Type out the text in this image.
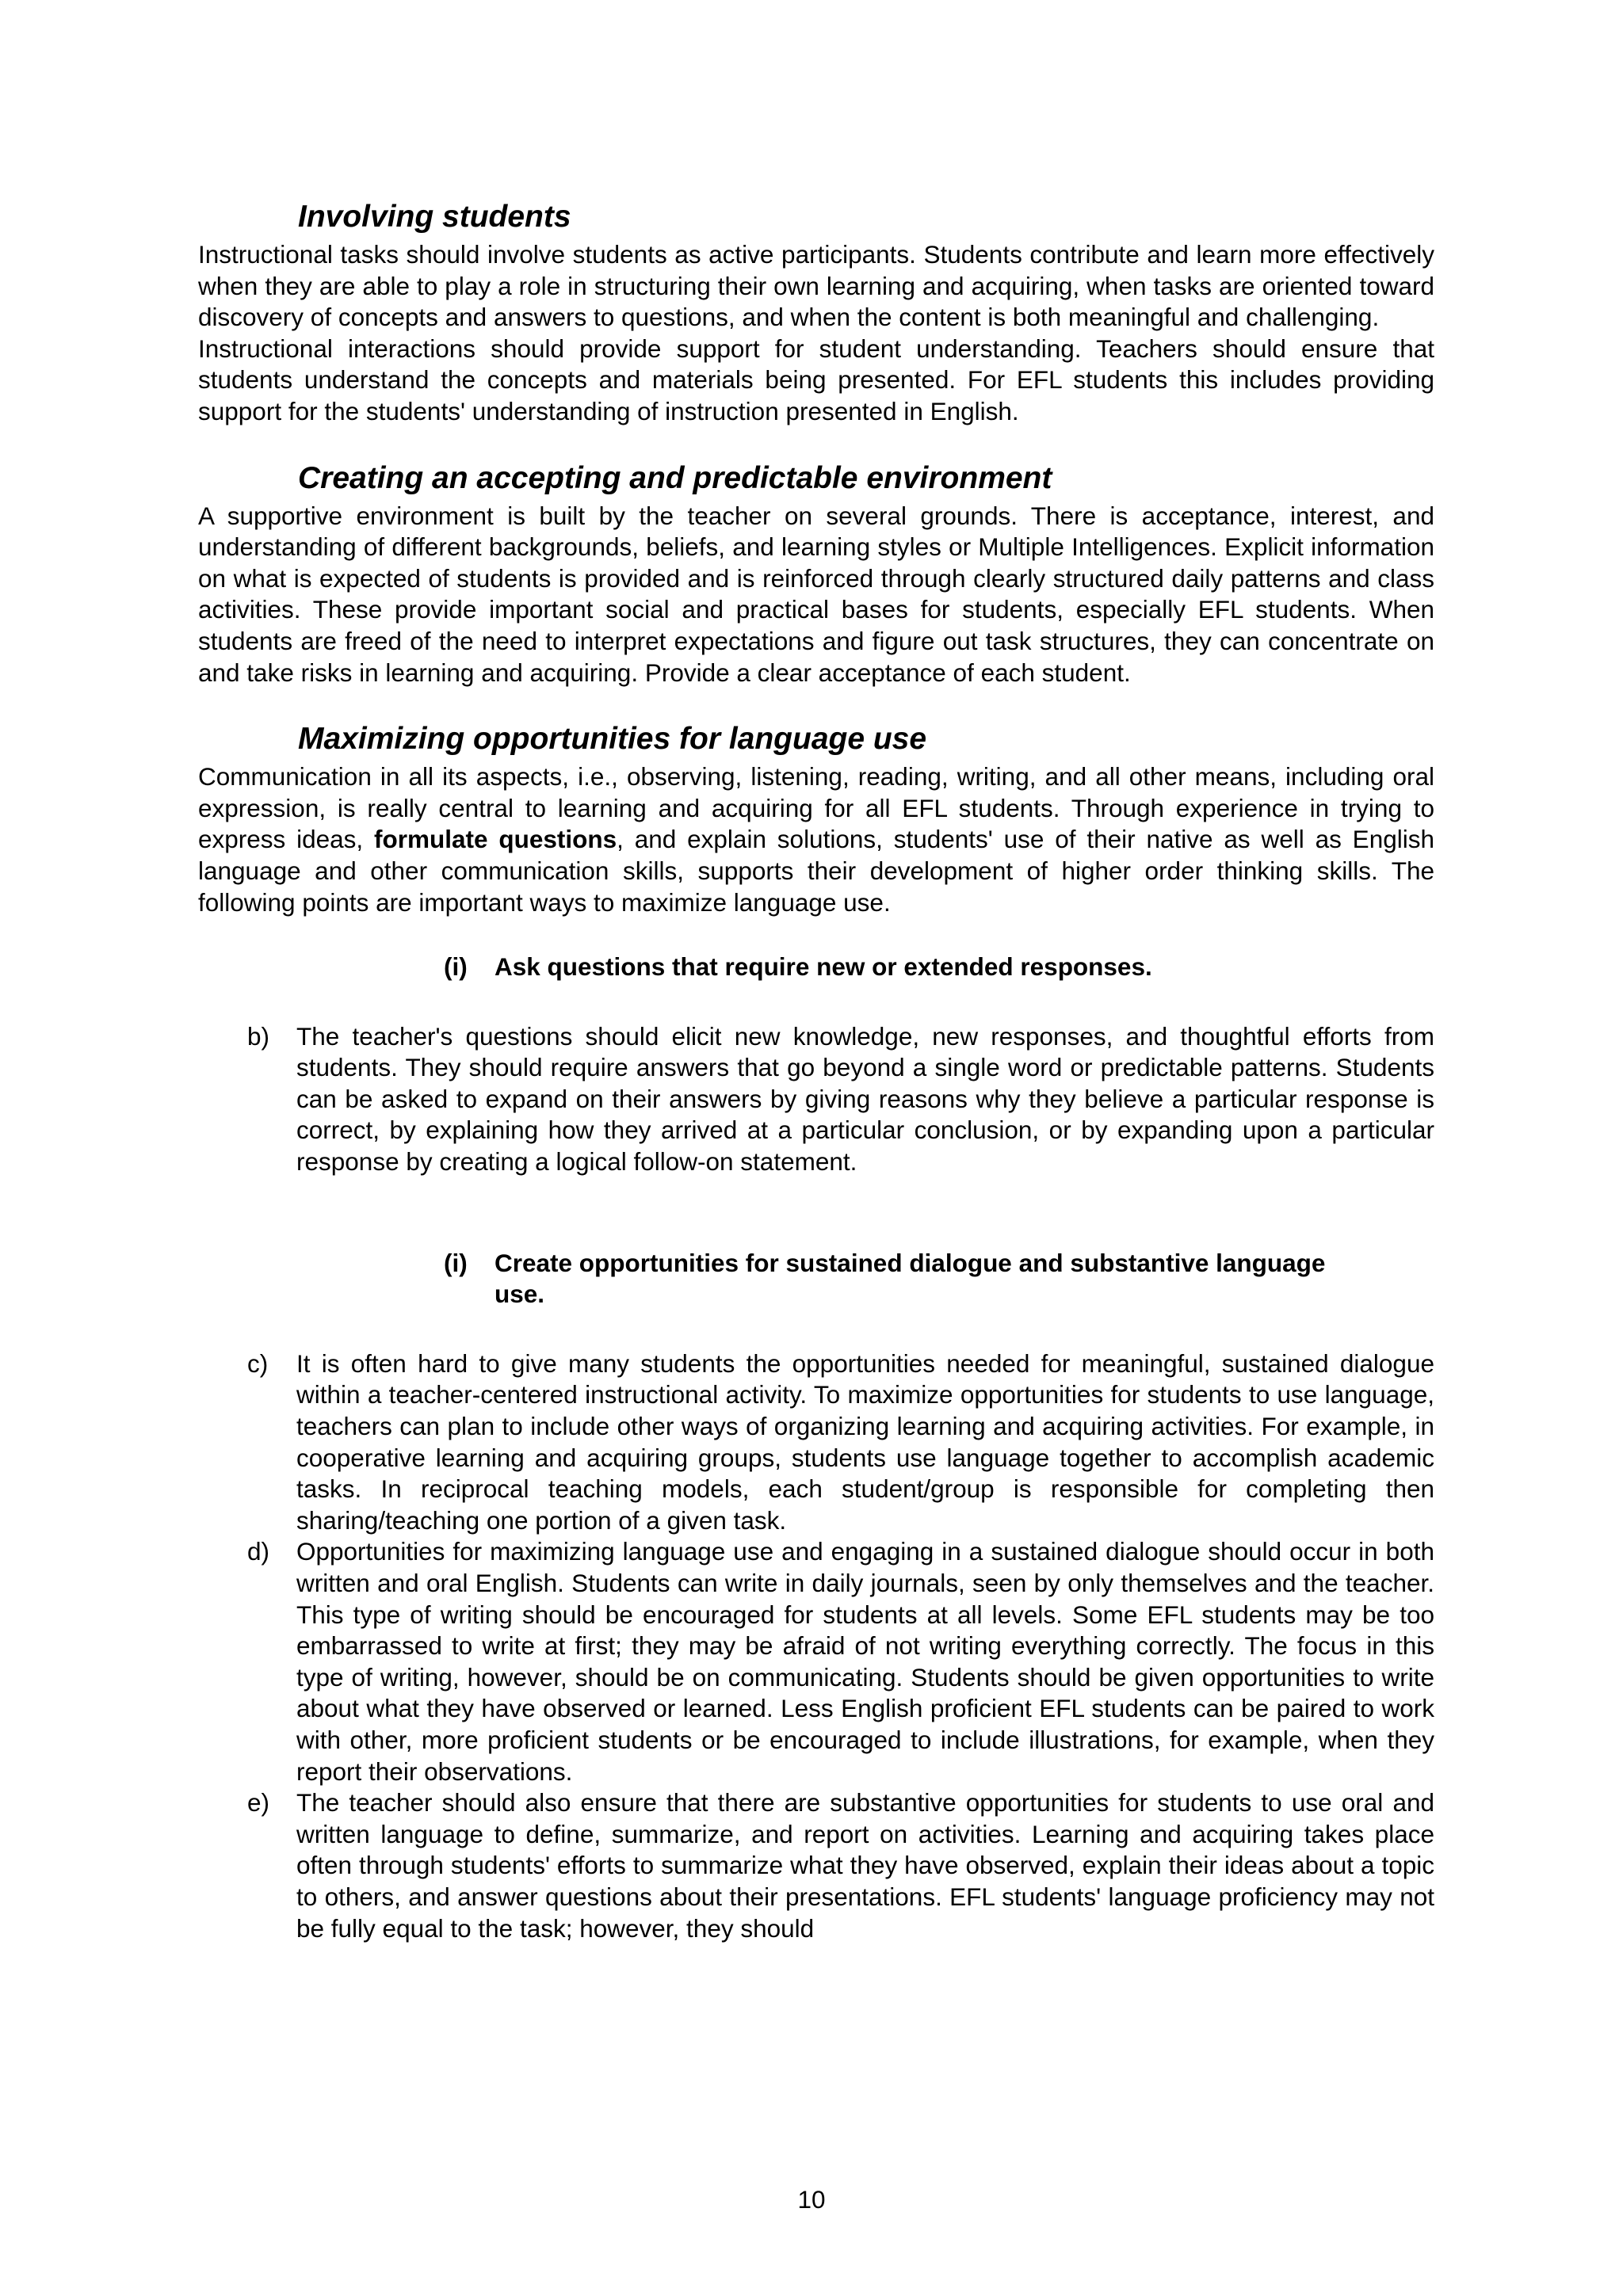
Involving students

Instructional tasks should involve students as active participants. Students contribute and learn more effectively when they are able to play a role in structuring their own learning and acquiring, when tasks are oriented toward discovery of concepts and answers to questions, and when the content is both meaningful and challenging.

Instructional interactions should provide support for student understanding. Teachers should ensure that students understand the concepts and materials being presented. For EFL students this includes providing support for the students' understanding of instruction presented in English.

Creating an accepting and predictable environment

A supportive environment is built by the teacher on several grounds. There is acceptance, interest, and understanding of different backgrounds, beliefs, and learning styles or Multiple Intelligences. Explicit information on what is expected of students is provided and is reinforced through clearly structured daily patterns and class activities. These provide important social and practical bases for students, especially EFL students. When students are freed of the need to interpret expectations and figure out task structures, they can concentrate on and take risks in learning and acquiring. Provide a clear acceptance of each student.

Maximizing opportunities for language use

Communication in all its aspects, i.e., observing, listening, reading, writing, and all other means, including oral expression, is really central to learning and acquiring for all EFL students. Through experience in trying to express ideas, formulate questions, and explain solutions, students' use of their native as well as English language and other communication skills, supports their development of higher order thinking skills. The following points are important ways to maximize language use.

(i)	Ask questions that require new or extended responses.
b)	The teacher's questions should elicit new knowledge, new responses, and thoughtful efforts from students. They should require answers that go beyond a single word or predictable patterns. Students can be asked to expand on their answers by giving reasons why they believe a particular response is correct, by explaining how they arrived at a particular conclusion, or by expanding upon a particular response by creating a logical follow-on statement.
(i)	Create opportunities for sustained dialogue and substantive language use.
c)	It is often hard to give many students the opportunities needed for meaningful, sustained dialogue within a teacher-centered instructional activity. To maximize opportunities for students to use language, teachers can plan to include other ways of organizing learning and acquiring activities. For example, in cooperative learning and acquiring groups, students use language together to accomplish academic tasks. In reciprocal teaching models, each student/group is responsible for completing then sharing/teaching one portion of a given task.
d)	Opportunities for maximizing language use and engaging in a sustained dialogue should occur in both written and oral English. Students can write in daily journals, seen by only themselves and the teacher. This type of writing should be encouraged for students at all levels. Some EFL students may be too embarrassed to write at first; they may be afraid of not writing everything correctly. The focus in this type of writing, however, should be on communicating. Students should be given opportunities to write about what they have observed or learned. Less English proficient EFL students can be paired to work with other, more proficient students or be encouraged to include illustrations, for example, when they report their observations.
e)	The teacher should also ensure that there are substantive opportunities for students to use oral and written language to define, summarize, and report on activities. Learning and acquiring takes place often through students' efforts to summarize what they have observed, explain their ideas about a topic to others, and answer questions about their presentations. EFL students' language proficiency may not be fully equal to the task; however, they should
10
